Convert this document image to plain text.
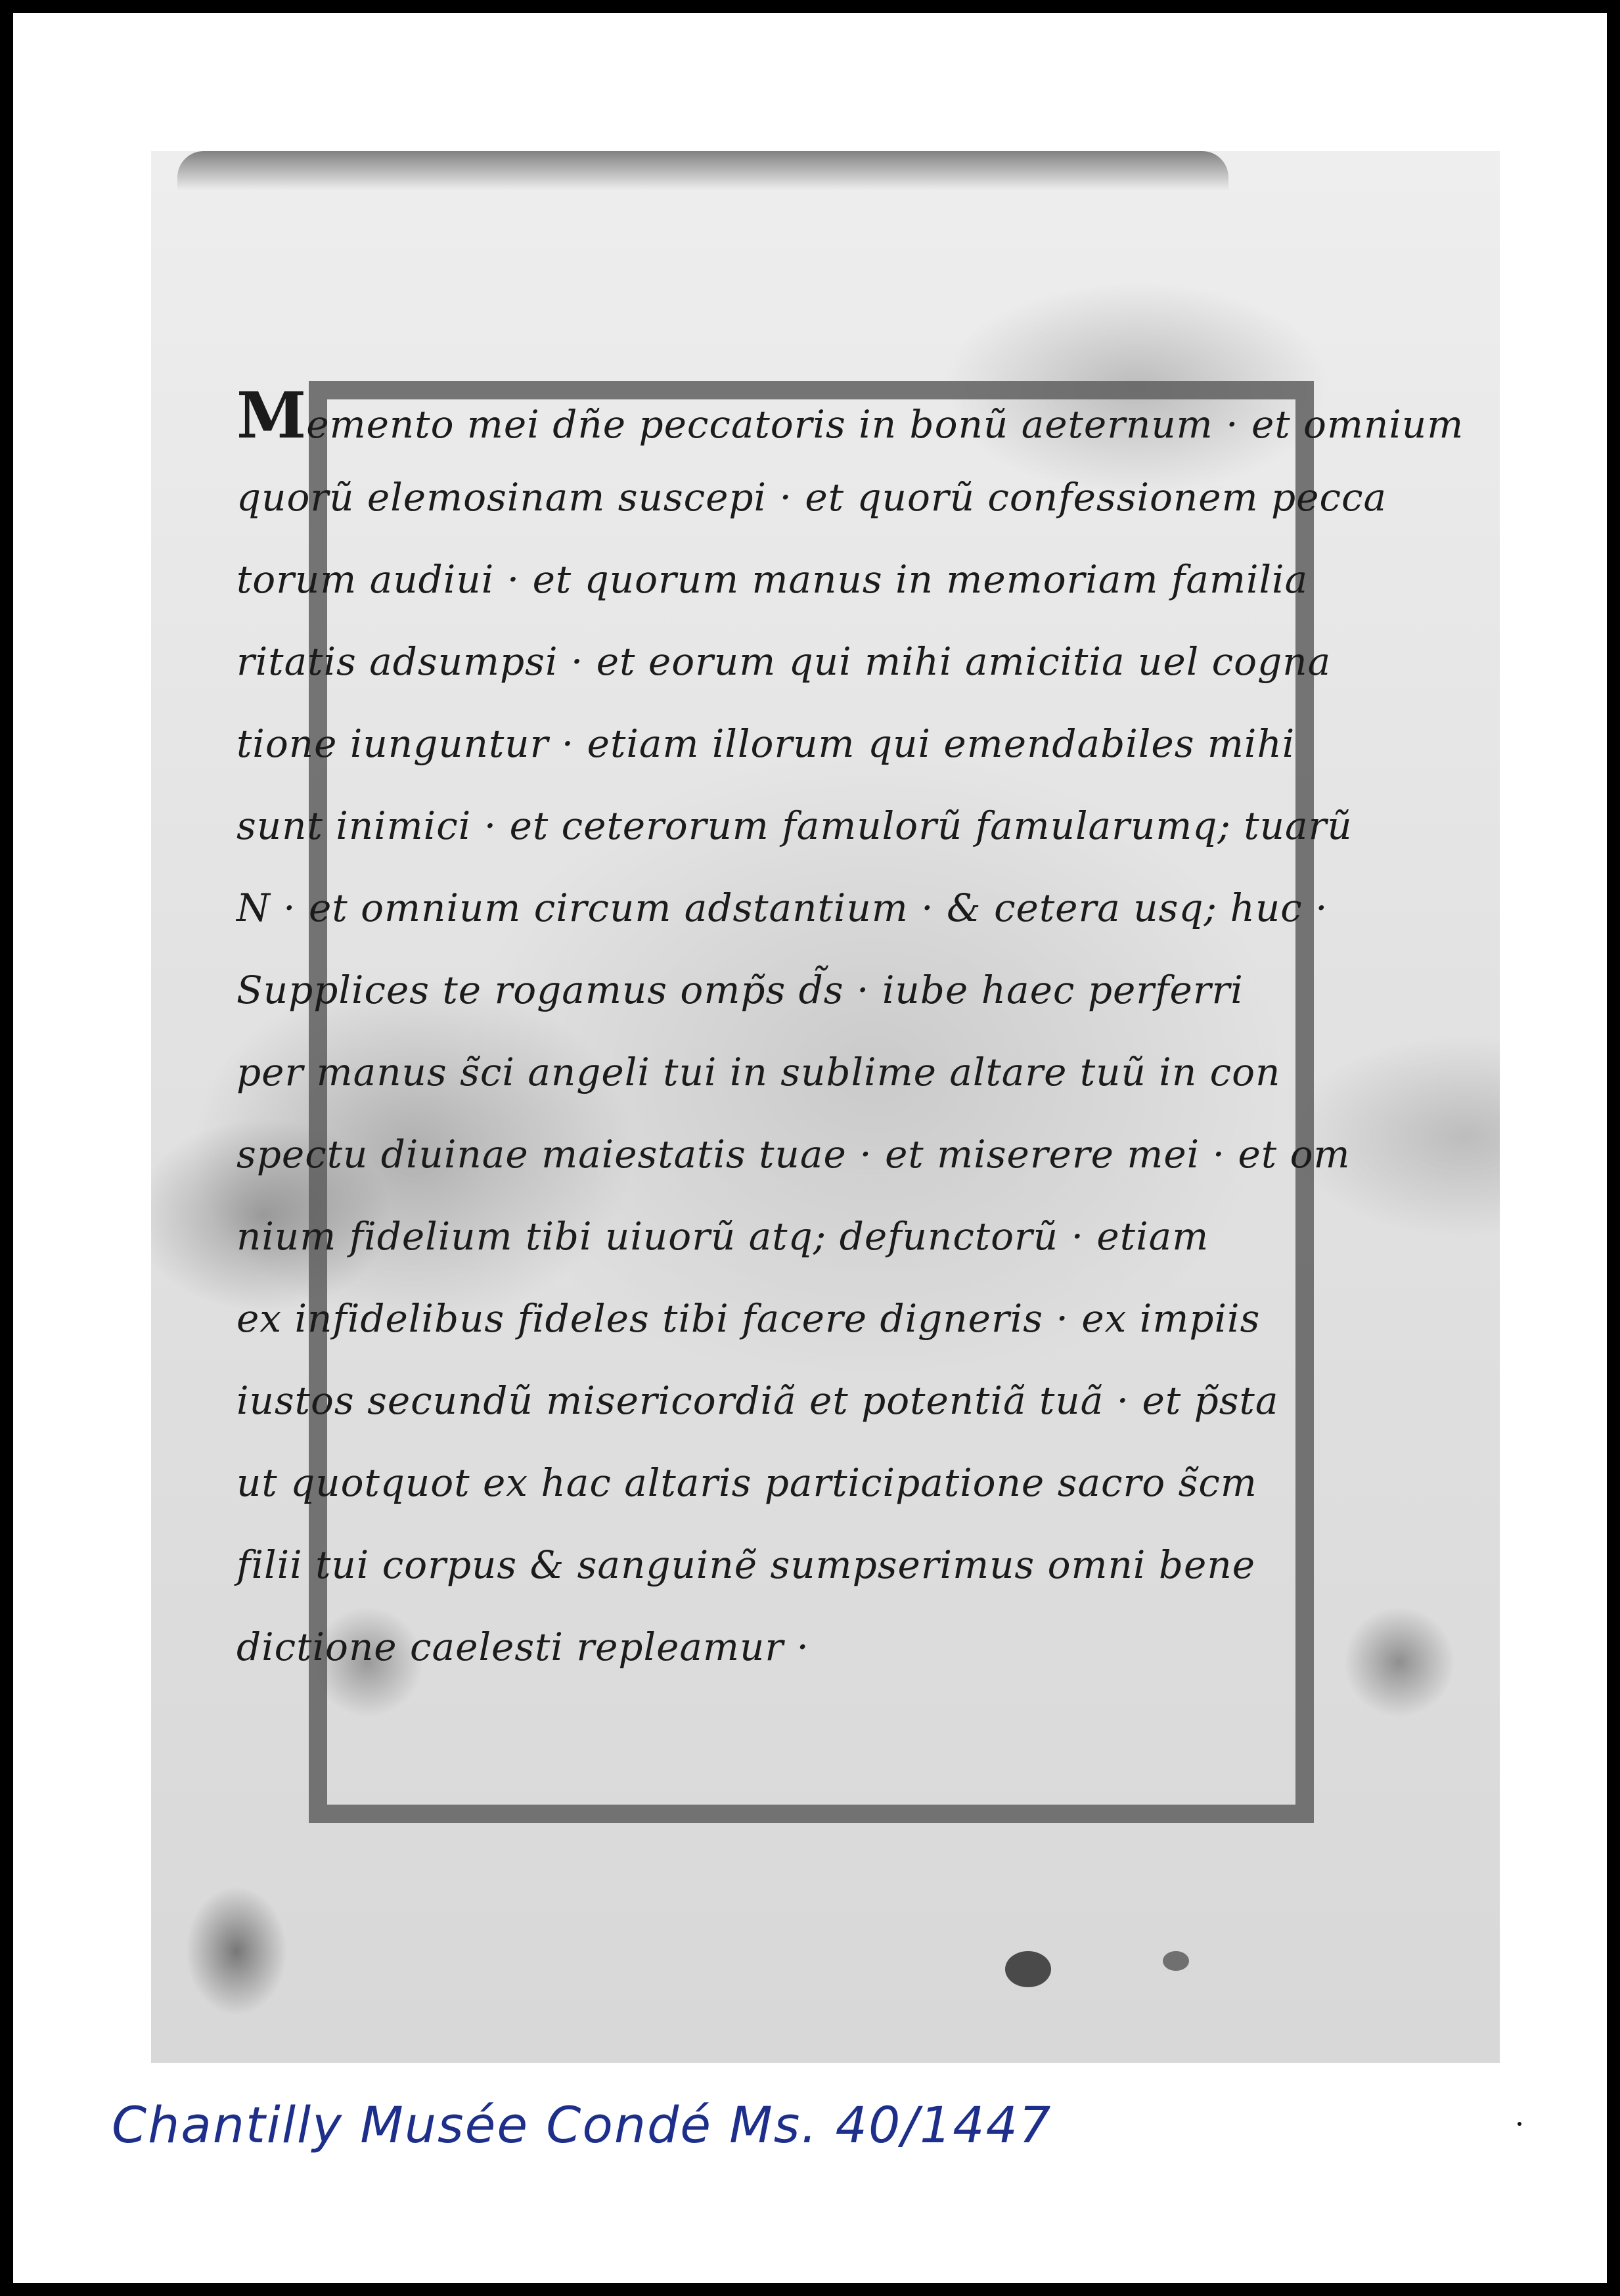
Memento mei dñe peccatoris in bonũ aeternum · et omnium
quorũ elemosinam suscepi · et quorũ confessionem pecca
torum audiui · et quorum manus in memoriam familia
ritatis adsumpsi · et eorum qui mihi amicitia uel cogna
tione iunguntur · etiam illorum qui emendabiles mihi
sunt inimici · et ceterorum famulorũ famularumq; tuarũ
N · et omnium circum adstantium · & cetera usq; huc ·
Supplices te rogamus omp̃s d̃s · iube haec perferri
per manus s̃ci angeli tui in sublime altare tuũ in con
spectu diuinae maiestatis tuae · et miserere mei · et om
nium fidelium tibi uiuorũ atq; defunctorũ · etiam
ex infidelibus fideles tibi facere digneris · ex impiis
iustos secundũ misericordiã et potentiã tuã · et p̃sta
ut quotquot ex hac altaris participatione sacro s̃cm
filii tui corpus & sanguinẽ sumpserimus omni bene
dictione caelesti repleamur ·
Chantilly Musée Condé Ms. 40/1447
